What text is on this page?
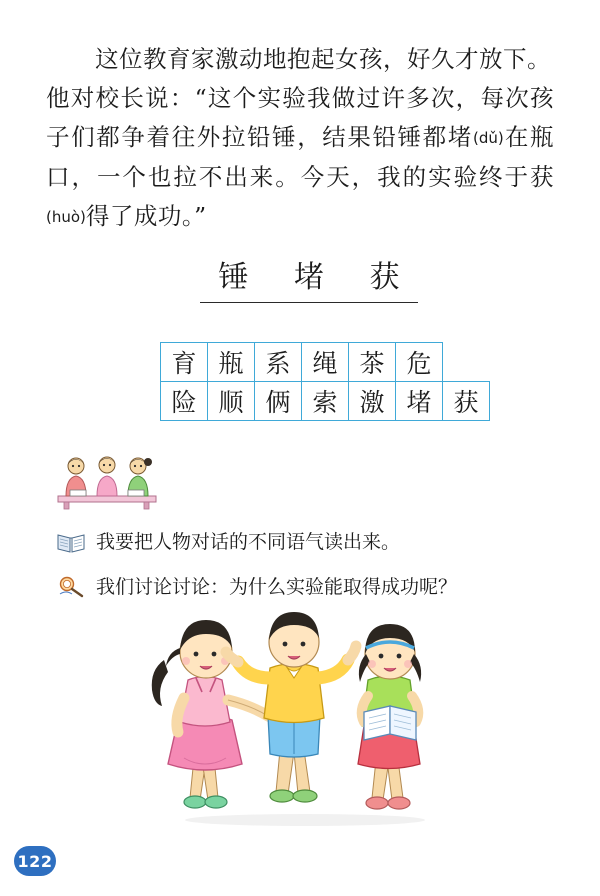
这位教育家激动地抱起女孩，好久才放下。

他对校长说：“这个实验我做过许多次，每次孩子们都争着往外拉铅锤，结果铅锤都堵(dǔ)在瓶口，一个也拉不出来。今天，我的实验终于获(huò)得了成功。”

锤 堵 获
育	瓶	系	绳	茶	危	
险	顺	俩	索	激	堵	获
我要把人物对话的不同语气读出来。
我们讨论讨论：为什么实验能取得成功呢？
122
